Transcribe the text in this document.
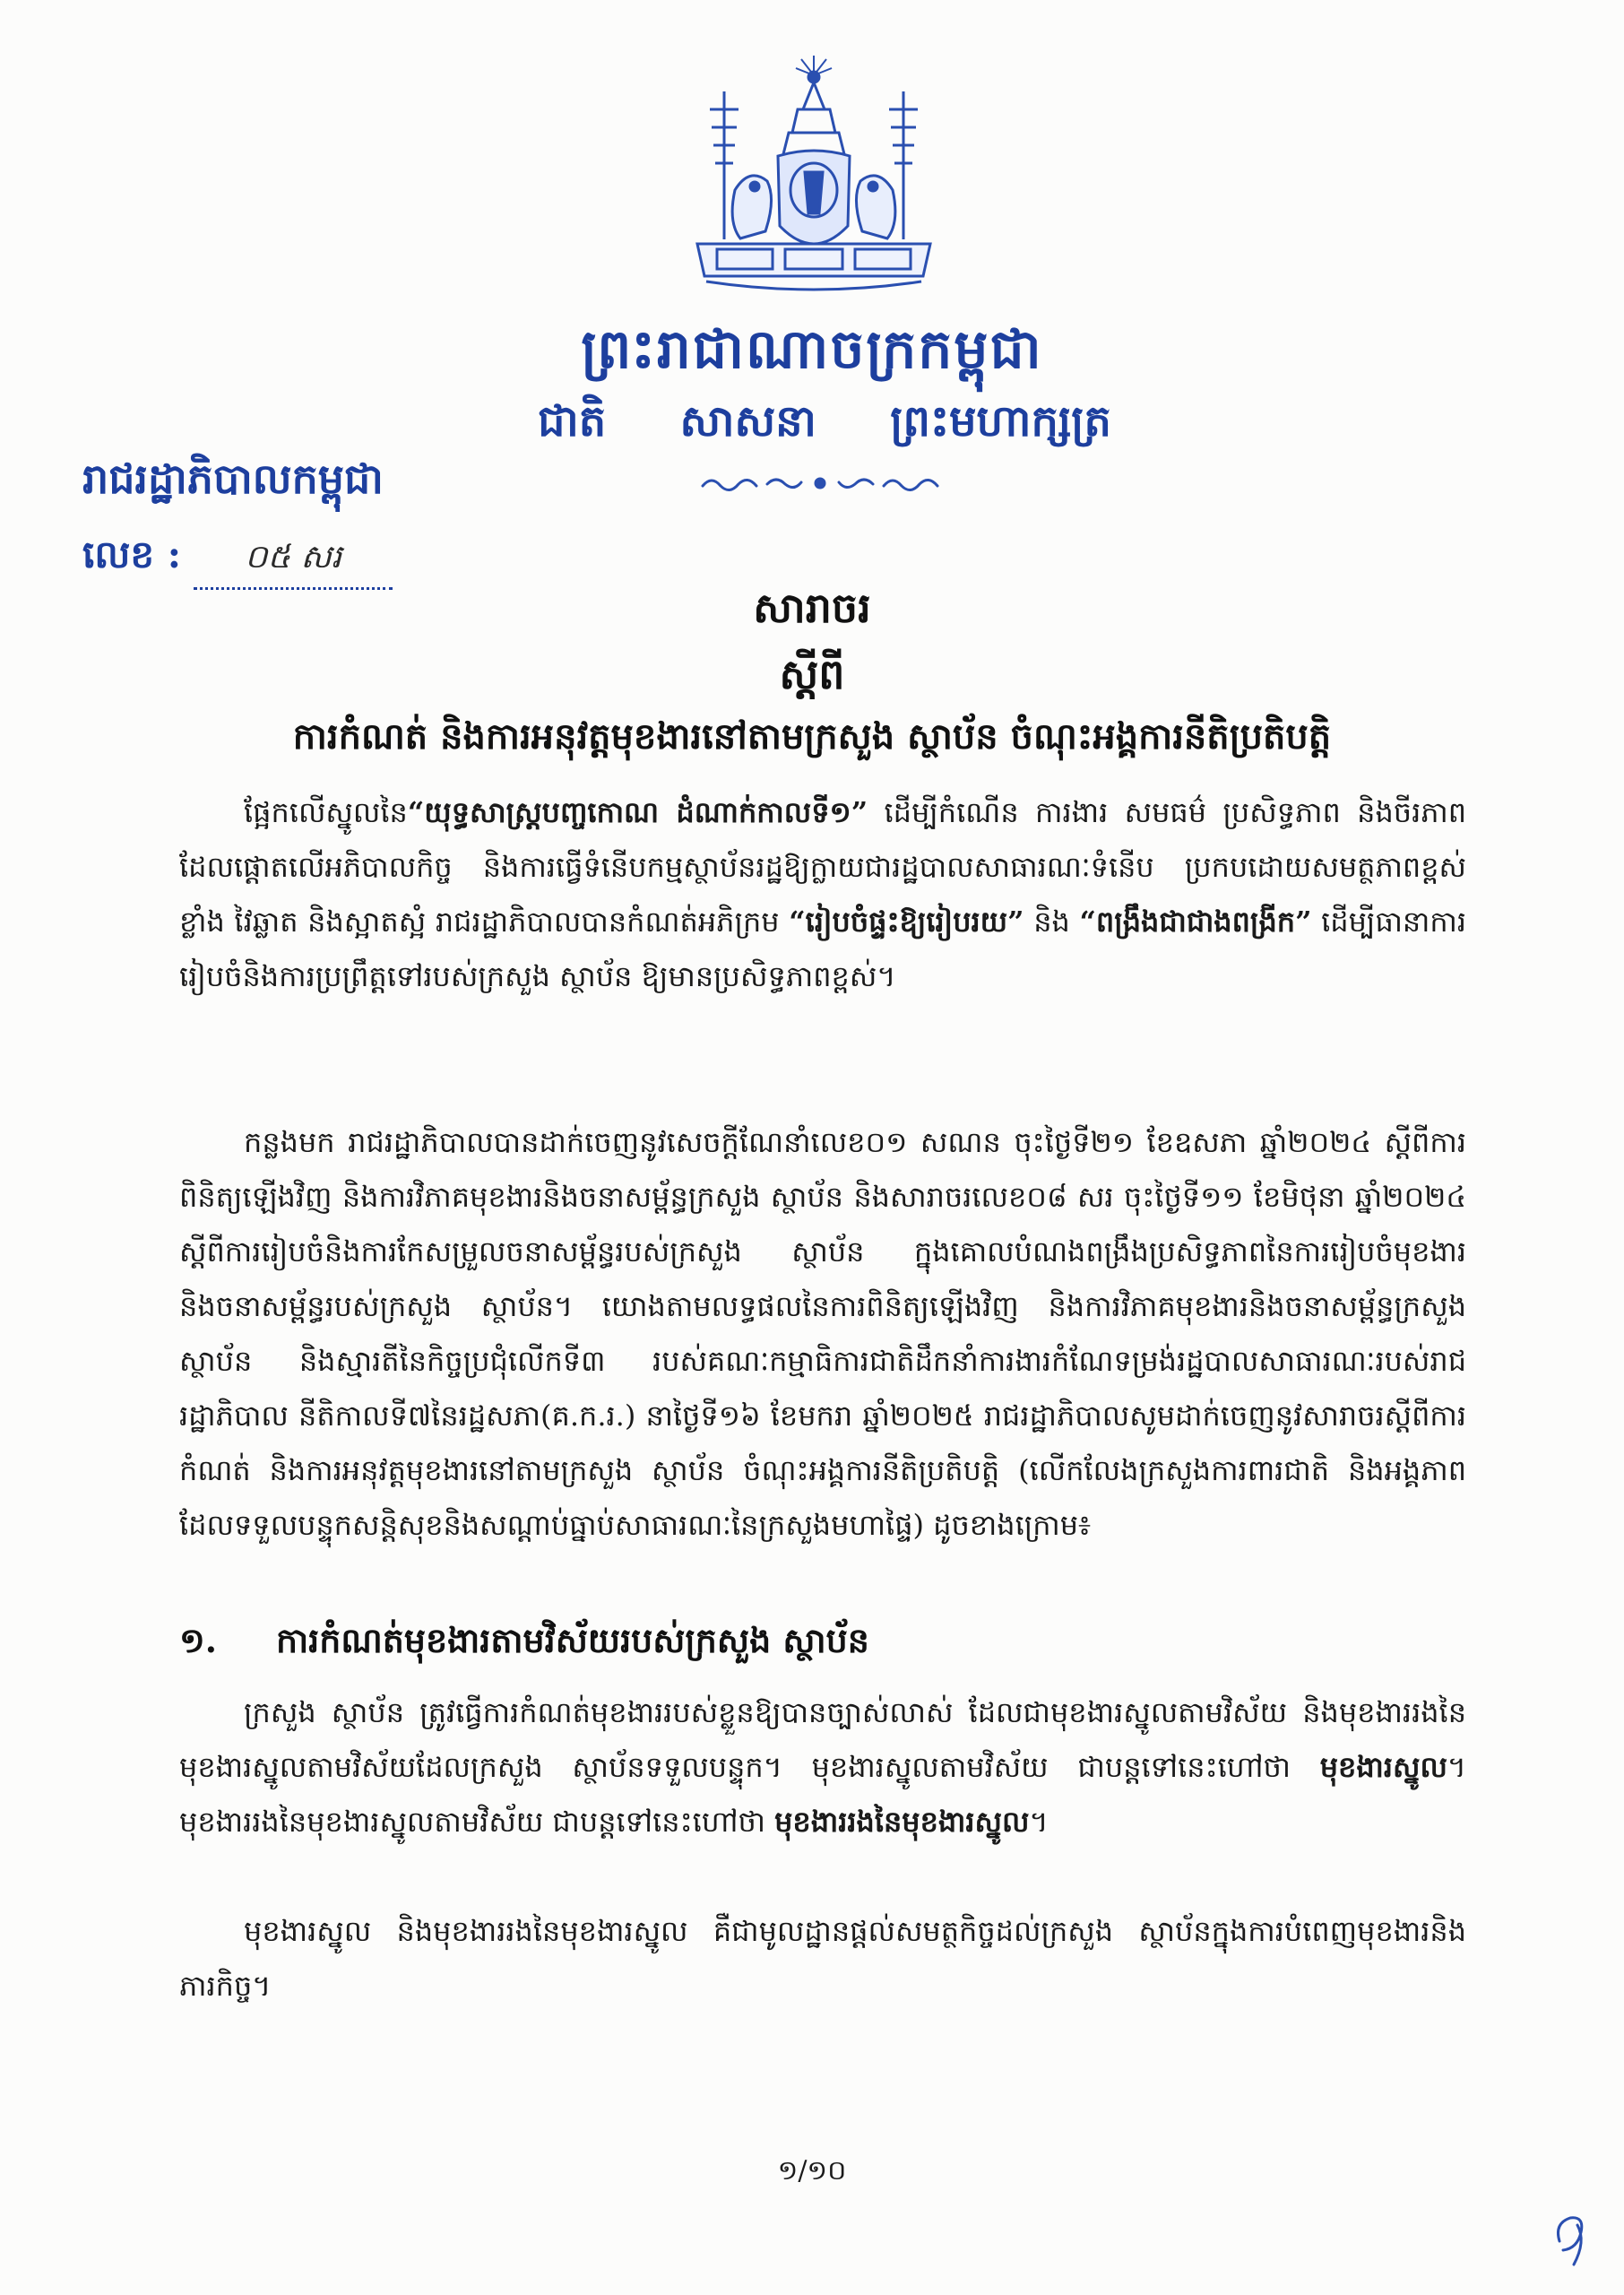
ព្រះរាជាណាចក្រកម្ពុជា
ជាតិ សាសនា ព្រះមហាក្សត្រ
រាជរដ្ឋាភិបាលកម្ពុជា
លេខ :	០៥ សរ
សារាចរ
ស្តីពី
ការកំណត់ និងការអនុវត្តមុខងារនៅតាមក្រសួង ស្ថាប័ន ចំណុះអង្គការនីតិប្រតិបត្តិ

ផ្អែកលើស្នូលនៃ“យុទ្ធសាស្ត្របញ្ចកោណ ដំណាក់កាលទី១” ដើម្បីកំណើន ការងារ សមធម៌ ប្រសិទ្ធភាព និងចីរភាព ដែលផ្តោតលើអភិបាលកិច្ច និងការធ្វើទំនើបកម្មស្ថាប័នរដ្ឋឱ្យក្លាយជារដ្ឋបាលសាធារណៈទំនើប ប្រកបដោយសមត្ថភាពខ្ពស់ ខ្លាំង វៃឆ្លាត និងស្អាតស្អំ រាជរដ្ឋាភិបាលបានកំណត់អភិក្រម “រៀបចំផ្ទះឱ្យរៀបរយ” និង “ពង្រឹងជាជាងពង្រីក” ដើម្បីធានាការរៀបចំនិងការប្រព្រឹត្តទៅរបស់ក្រសួង ស្ថាប័ន ឱ្យមានប្រសិទ្ធភាពខ្ពស់។

កន្លងមក រាជរដ្ឋាភិបាលបានដាក់ចេញនូវសេចក្តីណែនាំលេខ០១ សណន ចុះថ្ងៃទី២១ ខែឧសភា ឆ្នាំ២០២៤ ស្តីពីការពិនិត្យឡើងវិញ និងការវិភាគមុខងារនិងចនាសម្ព័ន្ធក្រសួង ស្ថាប័ន និងសារាចរលេខ០៨ សរ ចុះថ្ងៃទី១១ ខែមិថុនា ឆ្នាំ២០២៤ ស្តីពីការរៀបចំនិងការកែសម្រួលចនាសម្ព័ន្ធរបស់ក្រសួង ស្ថាប័ន ក្នុងគោលបំណងពង្រឹងប្រសិទ្ធភាពនៃការរៀបចំមុខងារ និងចនាសម្ព័ន្ធរបស់ក្រសួង ស្ថាប័ន។ យោងតាមលទ្ធផលនៃការពិនិត្យឡើងវិញ និងការវិភាគមុខងារនិងចនាសម្ព័ន្ធក្រសួង ស្ថាប័ន និងស្មារតីនៃកិច្ចប្រជុំលើកទី៣ របស់គណៈកម្មាធិការជាតិដឹកនាំការងារកំណែទម្រង់រដ្ឋបាលសាធារណៈរបស់រាជរដ្ឋាភិបាល នីតិកាលទី៧នៃរដ្ឋសភា(គ.ក.រ.) នាថ្ងៃទី១៦ ខែមករា ឆ្នាំ២០២៥ រាជរដ្ឋាភិបាលសូមដាក់ចេញនូវសារាចរស្តីពីការកំណត់ និងការអនុវត្តមុខងារនៅតាមក្រសួង ស្ថាប័ន ចំណុះអង្គការនីតិប្រតិបត្តិ (លើកលែងក្រសួងការពារជាតិ និងអង្គភាពដែលទទួលបន្ទុកសន្តិសុខនិងសណ្តាប់ធ្នាប់សាធារណៈនៃក្រសួងមហាផ្ទៃ) ដូចខាងក្រោម៖

១.	ការកំណត់មុខងារតាមវិស័យរបស់ក្រសួង ស្ថាប័ន

ក្រសួង ស្ថាប័ន ត្រូវធ្វើការកំណត់មុខងាររបស់ខ្លួនឱ្យបានច្បាស់លាស់ ដែលជាមុខងារស្នូលតាមវិស័យ និងមុខងាររងនៃមុខងារស្នូលតាមវិស័យដែលក្រសួង ស្ថាប័នទទួលបន្ទុក។ មុខងារស្នូលតាមវិស័យ ជាបន្តទៅនេះហៅថា មុខងារស្នូល។ មុខងាររងនៃមុខងារស្នូលតាមវិស័យ ជាបន្តទៅនេះហៅថា មុខងាររងនៃមុខងារស្នូល។

មុខងារស្នូល និងមុខងាររងនៃមុខងារស្នូល គឺជាមូលដ្ឋានផ្តល់សមត្ថកិច្ចដល់ក្រសួង ស្ថាប័នក្នុងការបំពេញមុខងារនិងភារកិច្ច។

១/១០
